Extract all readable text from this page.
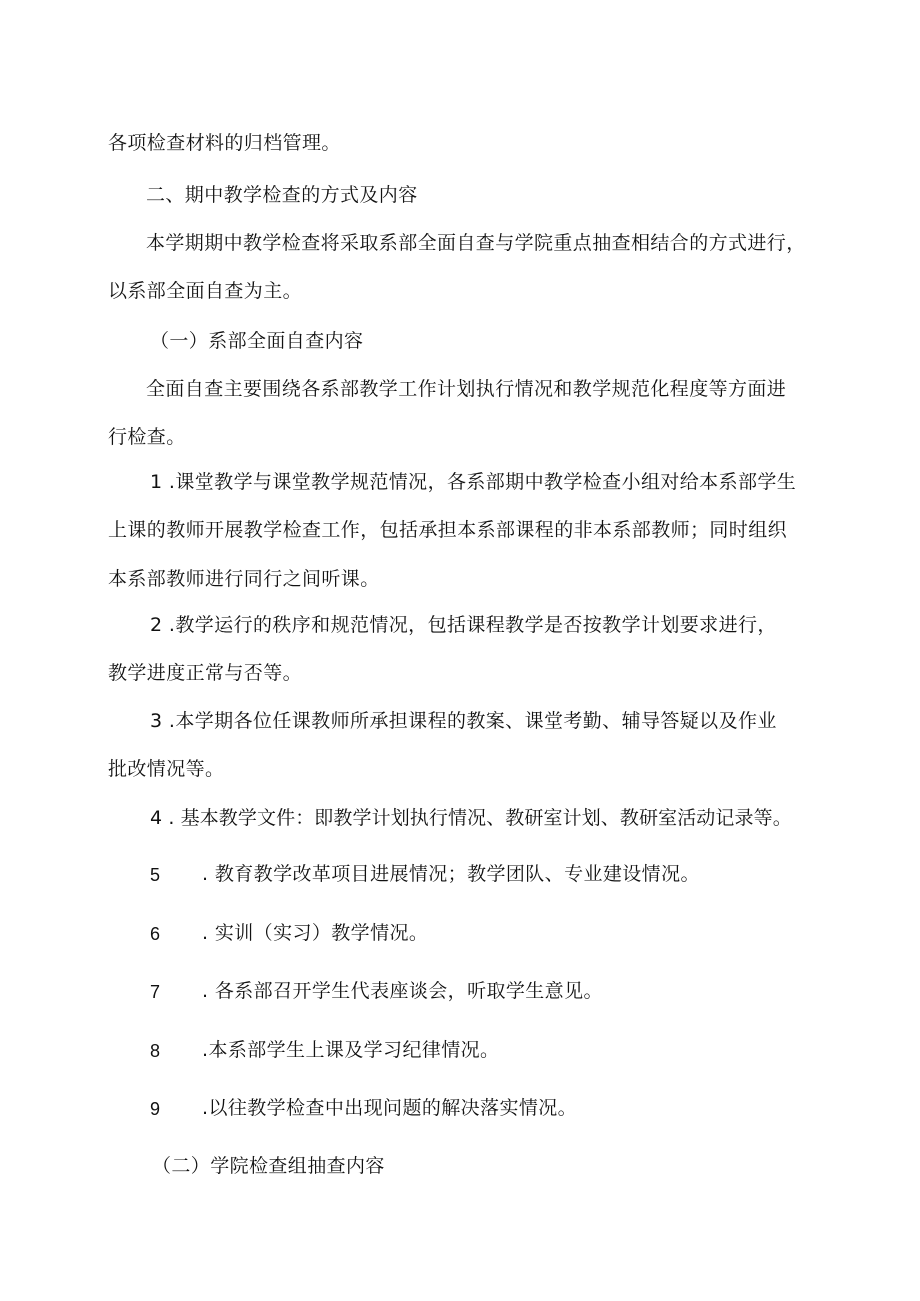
各项检查材料的归档管理。
二、期中教学检查的方式及内容
本学期期中教学检查将采取系部全面自查与学院重点抽查相结合的方式进行，
以系部全面自查为主。
（一）系部全面自查内容
全面自查主要围绕各系部教学工作计划执行情况和教学规范化程度等方面进
行检查。
1 .课堂教学与课堂教学规范情况，各系部期中教学检查小组对给本系部学生
上课的教师开展教学检查工作，包括承担本系部课程的非本系部教师；同时组织
本系部教师进行同行之间听课。
2 .教学运行的秩序和规范情况，包括课程教学是否按教学计划要求进行，
教学进度正常与否等。
3 .本学期各位任课教师所承担课程的教案、课堂考勤、辅导答疑以及作业
批改情况等。
4 . 基本教学文件：即教学计划执行情况、教研室计划、教研室活动记录等。
5 . 教育教学改革项目进展情况；教学团队、专业建设情况。
6 . 实训（实习）教学情况。
7 . 各系部召开学生代表座谈会，听取学生意见。
8 .本系部学生上课及学习纪律情况。
9 .以往教学检查中出现问题的解决落实情况。
（二）学院检查组抽查内容
